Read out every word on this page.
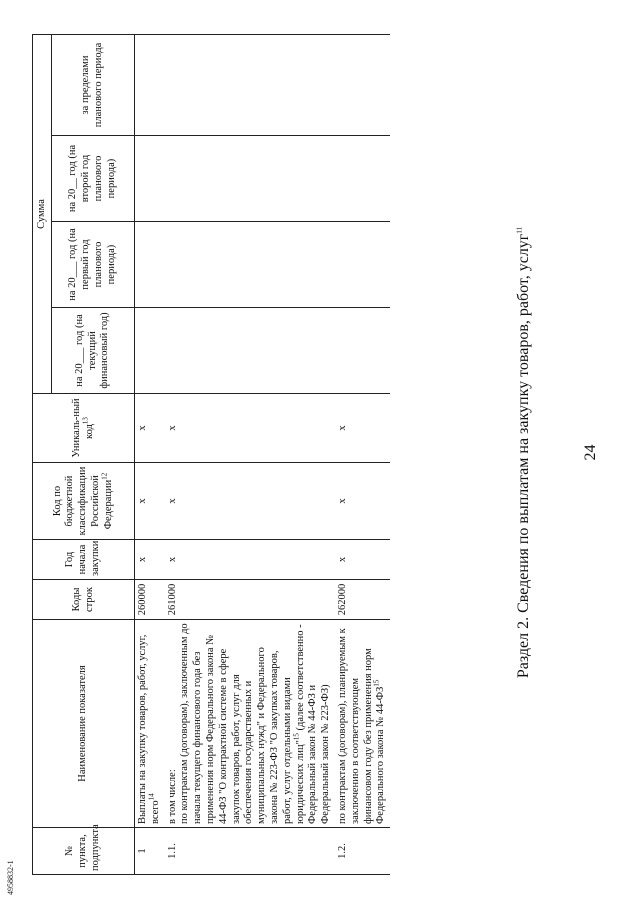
24
Раздел 2. Сведения по выплатам на закупку товаров, работ, услуг$^{11}$
№ пункта, подпункта	Наименование показателя	Коды строк	Год начала закупки	Код по бюджетной классификации Российской Федерации$^{12}$	Уникаль-ный код$^{13}$	Сумма			
						на 20___ год (на текущий финансовый год)	на 20___ год (на первый год планового периода)	на 20__ год (на второй год планового периода)	за пределами планового периода
1	Выплаты на закупку товаров, работ, услуг, всего$^{14}$	260000	x	x	x				
1.1.	в том числе: по контрактам (договорам), заключенным до начала текущего финансового года без применения норм Федерального закона № 44-ФЗ "О контрактной системе в сфере закупок товаров, работ, услуг для обеспечения государственных и муниципальных нужд" и Федерального закона № 223-ФЗ "О закупках товаров, работ, услуг отдельными видами юридических лиц"$^{15}$ (далее соответственно - Федеральный закон № 44-ФЗ и Федеральный закон № 223-ФЗ)	261000	x	x	x				
1.2.	по контрактам (договорам), планируемым к заключению в соответствующем финансовом году без применения норм Федерального закона № 44-ФЗ$^{15}$	262000	x	x	x				
4958832-1
